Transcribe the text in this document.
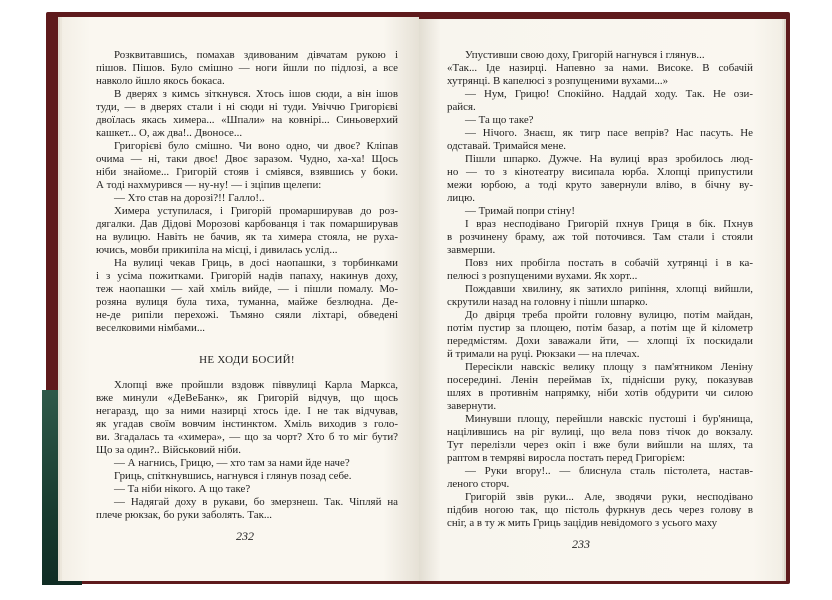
Розквитавшись, помахав здивованим дівчатам рукою і
пішов. Пішов. Було смішно — ноги йшли по підлозі, а все
навколо йшло якось бокаса.
В дверях з кимсь зіткнувся. Хтось ішов сюди, а він ішов
туди, — в дверях стали і ні сюди ні туди. Увіччю Григорієві
двоїлась якась химера... «Шпали» на ковнірі... Синьоверхий
кашкет... О, аж два!.. Двоносе...
Григорієві було смішно. Чи воно одно, чи двоє? Кліпав
очима — ні, таки двоє! Двоє заразом. Чудно, ха-ха! Щось
ніби знайоме... Григорій стояв і сміявся, взявшись у боки.
А тоді нахмурився — ну-ну! — і зціпив щелепи:
— Хто став на дорозі?!! Галло!..
Химера уступилася, і Григорій промарширував до роз-
дягалки. Дав Дідові Морозові карбованця і так помарширував
на вулицю. Навіть не бачив, як та химера стояла, не руха-
ючись, мовби прикипіла на місці, і дивилась услід...
На вулиці чекав Гриць, в досі наопашки, з торбинками
і з усіма пожитками. Григорій надів папаху, накинув доху,
теж наопашки — хай хміль вийде, — і пішли помалу. Мо-
розяна вулиця була тиха, туманна, майже безлюдна. Де-
не-де рипіли перехожі. Тьмяно сяяли ліхтарі, обведені
веселковими німбами...
НЕ ХОДИ БОСИЙ!
Хлопці вже пройшли вздовж піввулиці Карла Маркса,
вже минули «ДеВеБанк», як Григорій відчув, що щось
негаразд, що за ними назирці хтось іде. І не так відчував,
як угадав своїм вовчим інстинктом. Хміль виходив з голо-
ви. Згадалась та «химера», — що за чорт? Хто б то міг бути?
Що за один?.. Військовий ніби.
— А нагнись, Грицю, — хто там за нами йде наче?
Гриць, спіткнувшись, нагнувся і глянув позад себе.
— Та ніби нікого. А що таке?
— Надягай доху в рукави, бо змерзнеш. Так. Чіпляй на
плече рюкзак, бо руки заболять. Так...
232
Упустивши свою доху, Григорій нагнувся і глянув...
«Так... Іде назирці. Напевно за нами. Високе. В собачій
хутрянці. В капелюсі з розпущеними вухами...»
— Нум, Грицю! Спокійно. Наддай ходу. Так. Не ози-
райся.
— Та що таке?
— Нічого. Знаєш, як тигр пасе вепрів? Нас пасуть. Не
одставай. Тримайся мене.
Пішли шпарко. Дужче. На вулиці враз зробилось люд-
но — то з кінотеатру висипала юрба. Хлопці припустили
межи юрбою, а тоді круто завернули вліво, в бічну ву-
лицю.
— Тримай попри стіну!
І враз несподівано Григорій пхнув Гриця в бік. Пхнув
в розчинену браму, аж той поточився. Там стали і стояли
завмерши.
Повз них пробігла постать в собачій хутрянці і в ка-
пелюсі з розпущеними вухами. Як хорт...
Пождавши хвилину, як затихло рипіння, хлопці вийшли,
скрутили назад на головну і пішли шпарко.
До двірця треба пройти головну вулицю, потім майдан,
потім пустир за площею, потім базар, а потім ще й кілометр
передмістям. Дохи заважали йти, — хлопці їх поскидали
й тримали на руці. Рюкзаки — на плечах.
Пересікли навскіс велику площу з пам'ятником Леніну
посередині. Ленін переймав їх, піднісши руку, показував
шлях в противнім напрямку, ніби хотів обдурити чи силою
завернути.
Минувши площу, перейшли навскіс пустоші і бур'янища,
націлившись на ріг вулиці, що вела повз тічок до вокзалу.
Тут перелізли через окіп і вже були вийшли на шлях, та
раптом в темряві виросла постать перед Григорієм:
— Руки вгору!.. — блиснула сталь пістолета, настав-
леного сторч.
Григорій звів руки... Але, зводячи руки, несподівано
підбив ногою так, що пістоль фуркнув десь через голову в
сніг, а в ту ж мить Гриць зацідив невідомого з усього маху
233
